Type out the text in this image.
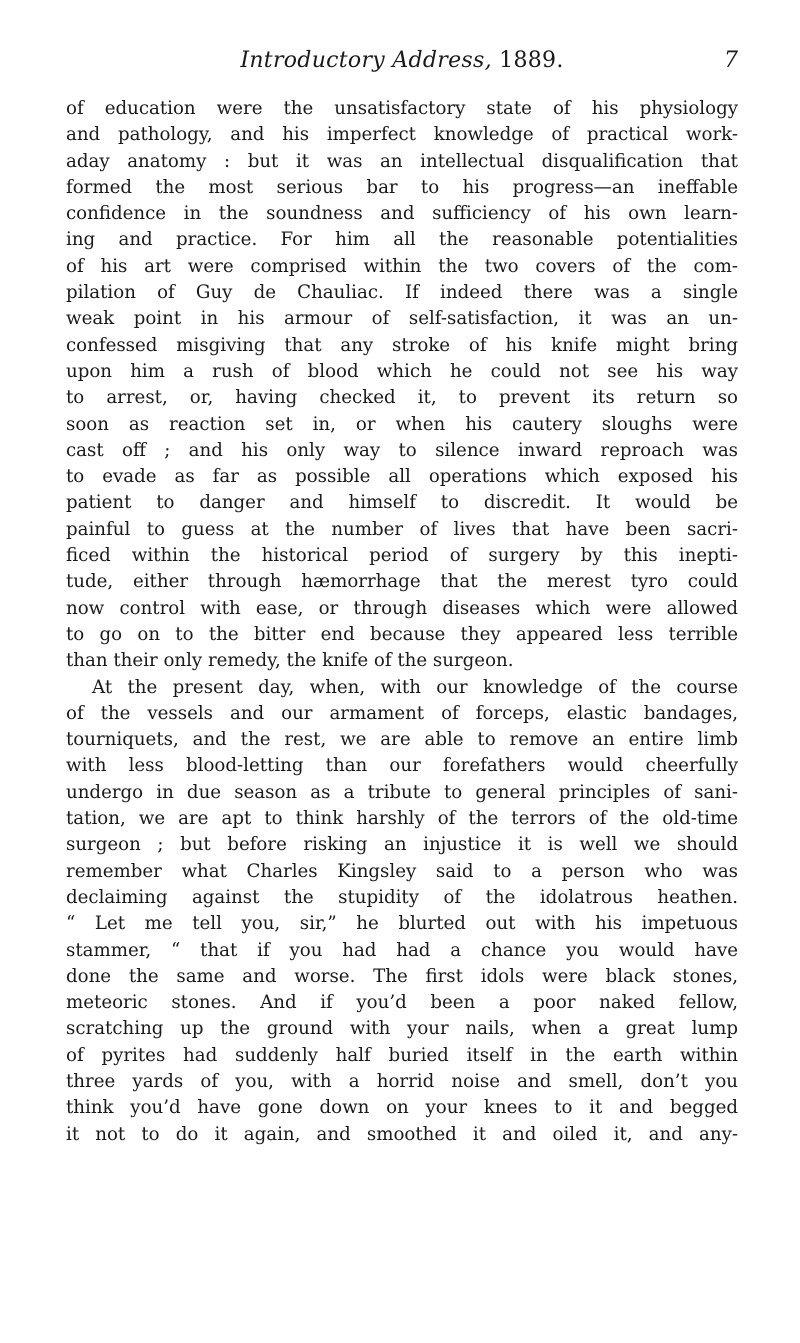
Introductory Address, 1889.	7
of education were the unsatisfactory state of his physiology
and pathology, and his imperfect knowledge of practical work-
aday anatomy : but it was an intellectual disqualification that
formed the most serious bar to his progress—an ineffable
confidence in the soundness and sufficiency of his own learn-
ing and practice. For him all the reasonable potentialities
of his art were comprised within the two covers of the com-
pilation of Guy de Chauliac. If indeed there was a single
weak point in his armour of self-satisfaction, it was an un-
confessed misgiving that any stroke of his knife might bring
upon him a rush of blood which he could not see his way
to arrest, or, having checked it, to prevent its return so
soon as reaction set in, or when his cautery sloughs were
cast off ; and his only way to silence inward reproach was
to evade as far as possible all operations which exposed his
patient to danger and himself to discredit. It would be
painful to guess at the number of lives that have been sacri-
ficed within the historical period of surgery by this inepti-
tude, either through hæmorrhage that the merest tyro could
now control with ease, or through diseases which were allowed
to go on to the bitter end because they appeared less terrible
than their only remedy, the knife of the surgeon.
At the present day, when, with our knowledge of the course
of the vessels and our armament of forceps, elastic bandages,
tourniquets, and the rest, we are able to remove an entire limb
with less blood-letting than our forefathers would cheerfully
undergo in due season as a tribute to general principles of sani-
tation, we are apt to think harshly of the terrors of the old-time
surgeon ; but before risking an injustice it is well we should
remember what Charles Kingsley said to a person who was
declaiming against the stupidity of the idolatrous heathen.
“ Let me tell you, sir,” he blurted out with his impetuous
stammer, “ that if you had had a chance you would have
done the same and worse. The first idols were black stones,
meteoric stones. And if you’d been a poor naked fellow,
scratching up the ground with your nails, when a great lump
of pyrites had suddenly half buried itself in the earth within
three yards of you, with a horrid noise and smell, don’t you
think you’d have gone down on your knees to it and begged
it not to do it again, and smoothed it and oiled it, and any-
